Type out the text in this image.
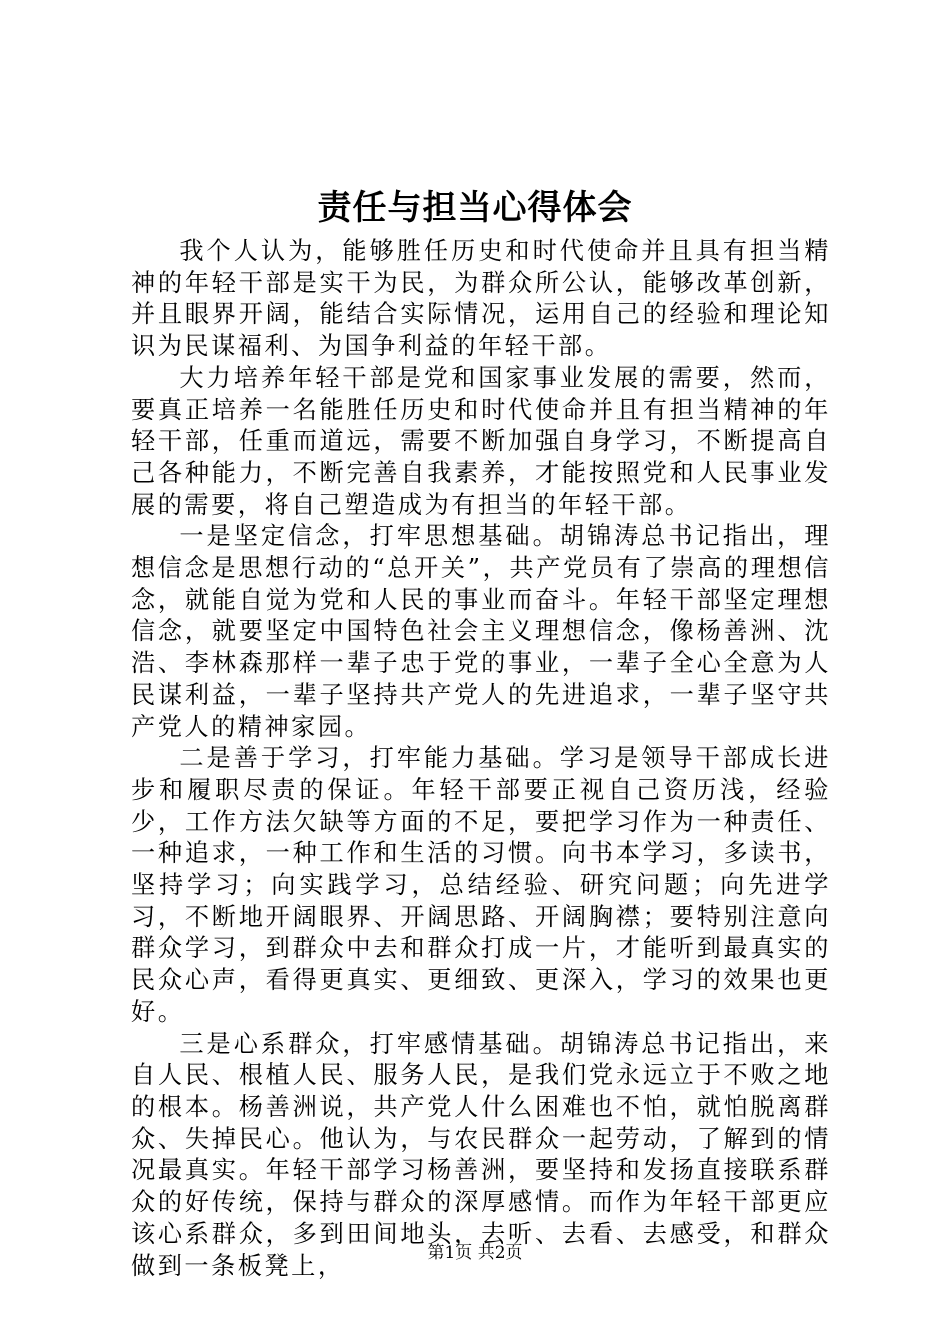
责任与担当心得体会

我个人认为，能够胜任历史和时代使命并且具有担当精神的年轻干部是实干为民，为群众所公认，能够改革创新，并且眼界开阔，能结合实际情况，运用自己的经验和理论知识为民谋福利、为国争利益的年轻干部。

大力培养年轻干部是党和国家事业发展的需要，然而，要真正培养一名能胜任历史和时代使命并且有担当精神的年轻干部，任重而道远，需要不断加强自身学习，不断提高自己各种能力，不断完善自我素养，才能按照党和人民事业发展的需要，将自己塑造成为有担当的年轻干部。

一是坚定信念，打牢思想基础。胡锦涛总书记指出，理想信念是思想行动的“总开关”，共产党员有了崇高的理想信念，就能自觉为党和人民的事业而奋斗。年轻干部坚定理想信念，就要坚定中国特色社会主义理想信念，像杨善洲、沈浩、李林森那样一辈子忠于党的事业，一辈子全心全意为人民谋利益，一辈子坚持共产党人的先进追求，一辈子坚守共产党人的精神家园。

二是善于学习，打牢能力基础。学习是领导干部成长进步和履职尽责的保证。年轻干部要正视自己资历浅，经验少，工作方法欠缺等方面的不足，要把学习作为一种责任、一种追求，一种工作和生活的习惯。向书本学习，多读书，坚持学习；向实践学习，总结经验、研究问题；向先进学习，不断地开阔眼界、开阔思路、开阔胸襟；要特别注意向群众学习，到群众中去和群众打成一片，才能听到最真实的民众心声，看得更真实、更细致、更深入，学习的效果也更好。

三是心系群众，打牢感情基础。胡锦涛总书记指出，来自人民、根植人民、服务人民，是我们党永远立于不败之地的根本。杨善洲说，共产党人什么困难也不怕，就怕脱离群众、失掉民心。他认为，与农民群众一起劳动，了解到的情况最真实。年轻干部学习杨善洲，要坚持和发扬直接联系群众的好传统，保持与群众的深厚感情。而作为年轻干部更应该心系群众，多到田间地头，去听、去看、去感受，和群众做到一条板凳上，	第1页 共2页
